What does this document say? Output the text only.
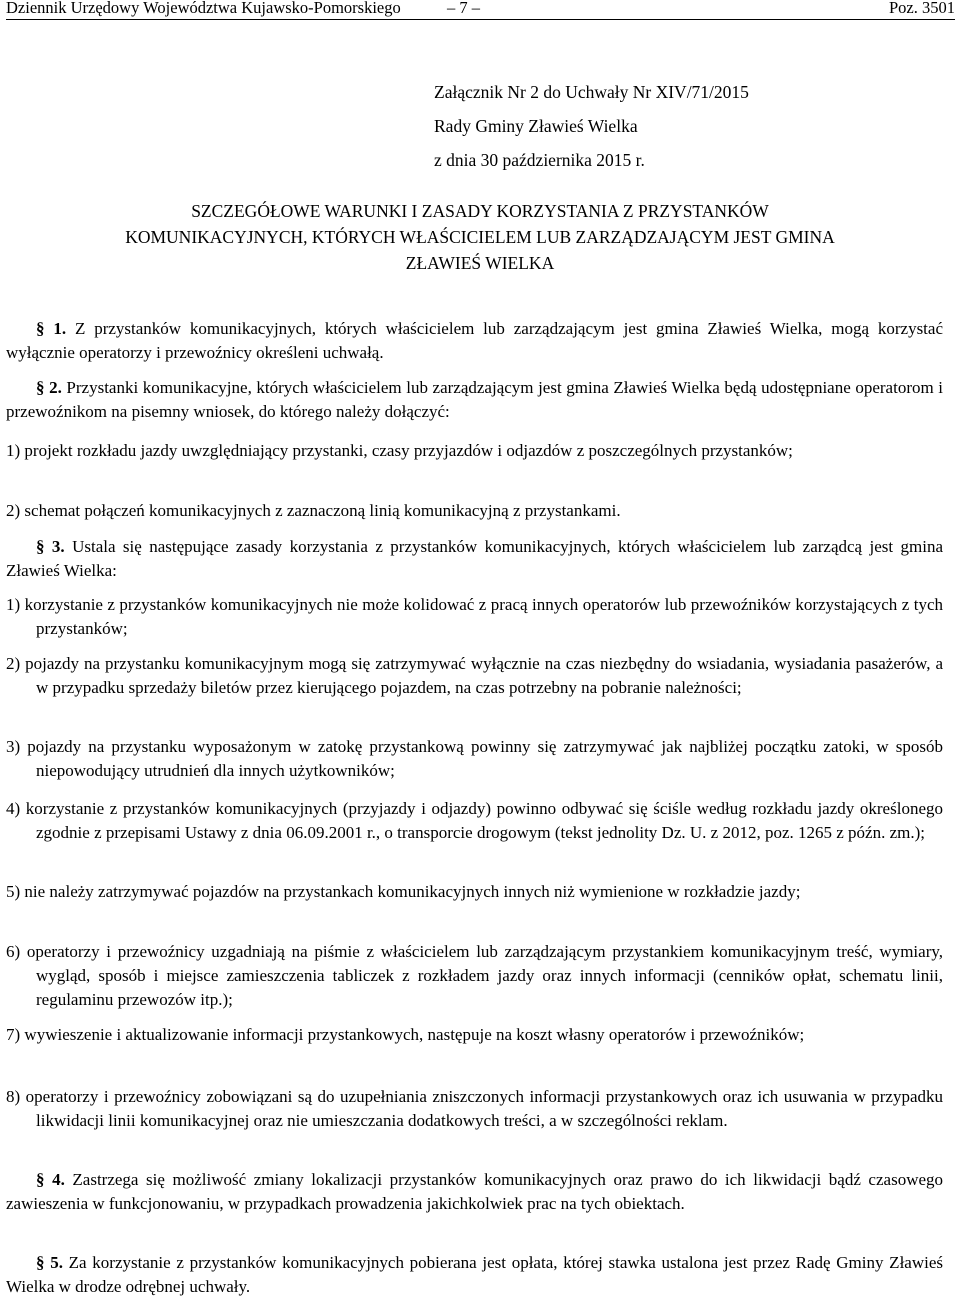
Dziennik Urzędowy Województwa Kujawsko-Pomorskiego	– 7 –	Poz. 3501
Załącznik Nr 2 do Uchwały Nr XIV/71/2015
Rady Gminy Zławieś Wielka
z dnia 30 października 2015 r.
SZCZEGÓŁOWE WARUNKI I ZASADY KORZYSTANIA Z PRZYSTANKÓW
KOMUNIKACYJNYCH, KTÓRYCH WŁAŚCICIELEM LUB ZARZĄDZAJĄCYM JEST GMINA
ZŁAWIEŚ WIELKA
§ 1. Z przystanków komunikacyjnych, których właścicielem lub zarządzającym jest gmina Zławieś Wielka, mogą korzystać wyłącznie operatorzy i przewoźnicy określeni uchwałą.
§ 2. Przystanki komunikacyjne, których właścicielem lub zarządzającym jest gmina Zławieś Wielka będą udostępniane operatorom i przewoźnikom na pisemny wniosek, do którego należy dołączyć:
1) projekt rozkładu jazdy uwzględniający przystanki, czasy przyjazdów i odjazdów z poszczególnych przystanków;
2) schemat połączeń komunikacyjnych z zaznaczoną linią komunikacyjną z przystankami.
§ 3. Ustala się następujące zasady korzystania z przystanków komunikacyjnych, których właścicielem lub zarządcą jest gmina Zławieś Wielka:
1) korzystanie z przystanków komunikacyjnych nie może kolidować z pracą innych operatorów lub przewoźników korzystających z tych przystanków;
2) pojazdy na przystanku komunikacyjnym mogą się zatrzymywać wyłącznie na czas niezbędny do wsiadania, wysiadania pasażerów, a w przypadku sprzedaży biletów przez kierującego pojazdem, na czas potrzebny na pobranie należności;
3) pojazdy na przystanku wyposażonym w zatokę przystankową powinny się zatrzymywać jak najbliżej początku zatoki, w sposób niepowodujący utrudnień dla innych użytkowników;
4) korzystanie z przystanków komunikacyjnych (przyjazdy i odjazdy) powinno odbywać się ściśle według rozkładu jazdy określonego zgodnie z przepisami Ustawy z dnia 06.09.2001 r., o transporcie drogowym (tekst jednolity Dz. U. z 2012, poz. 1265 z późn. zm.);
5) nie należy zatrzymywać pojazdów na przystankach komunikacyjnych innych niż wymienione w rozkładzie jazdy;
6) operatorzy i przewoźnicy uzgadniają na piśmie z właścicielem lub zarządzającym przystankiem komunikacyjnym treść, wymiary, wygląd, sposób i miejsce zamieszczenia tabliczek z rozkładem jazdy oraz innych informacji (cenników opłat, schematu linii, regulaminu przewozów itp.);
7) wywieszenie i aktualizowanie informacji przystankowych, następuje na koszt własny operatorów i przewoźników;
8) operatorzy i przewoźnicy zobowiązani są do uzupełniania zniszczonych informacji przystankowych oraz ich usuwania w przypadku likwidacji linii komunikacyjnej oraz nie umieszczania dodatkowych treści, a w szczególności reklam.
§ 4. Zastrzega się możliwość zmiany lokalizacji przystanków komunikacyjnych oraz prawo do ich likwidacji bądź czasowego zawieszenia w funkcjonowaniu, w przypadkach prowadzenia jakichkolwiek prac na tych obiektach.
§ 5. Za korzystanie z przystanków komunikacyjnych pobierana jest opłata, której stawka ustalona jest przez Radę Gminy Zławieś Wielka w drodze odrębnej uchwały.
